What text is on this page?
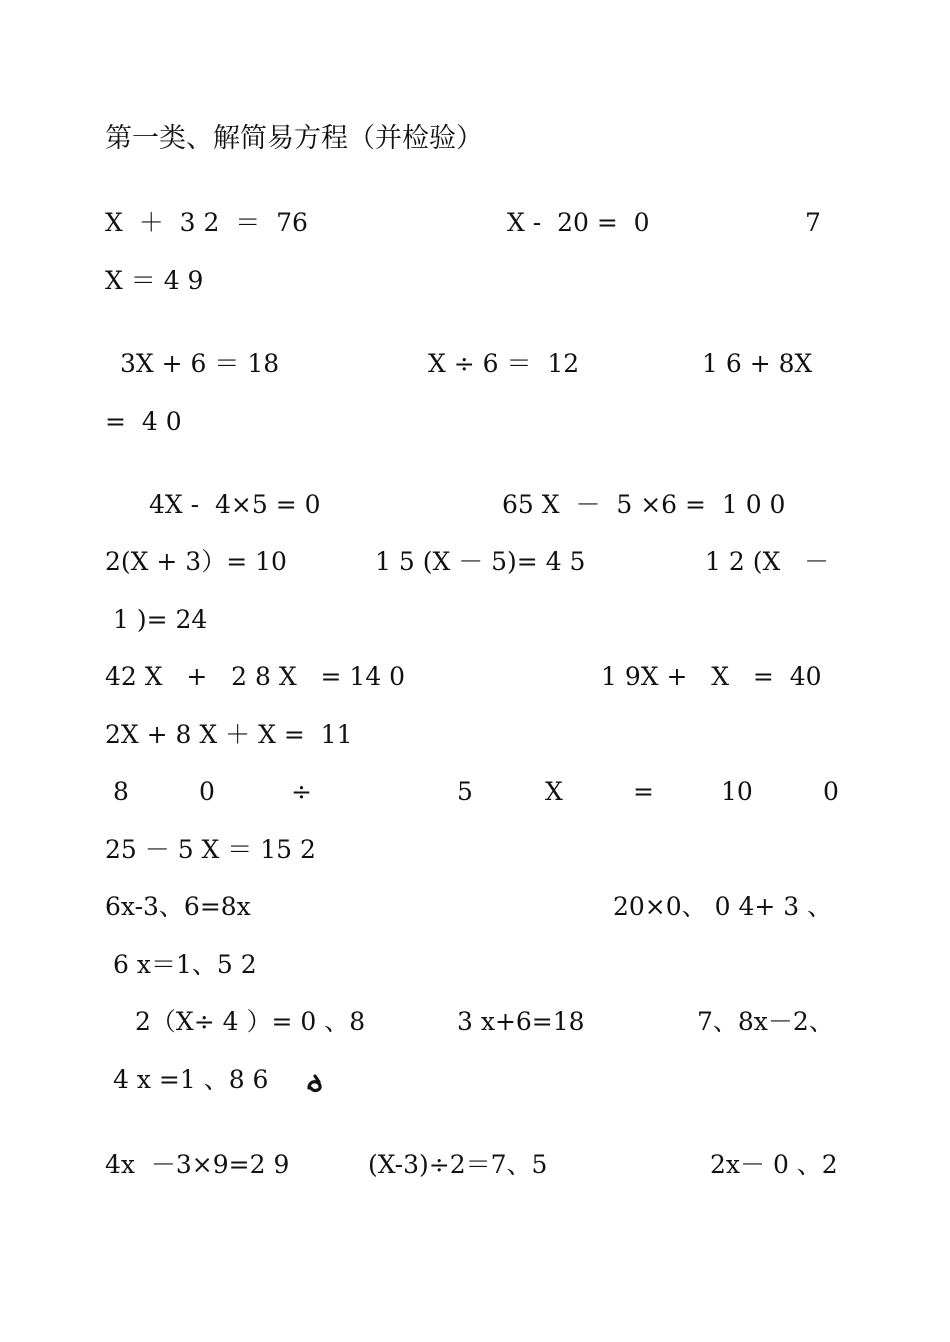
第一类、解简易方程（并检验）

X  ＋  3 2  ＝  76

	X -  20 =  0

	7

X ＝ 4 9

3X + 6 ＝ 18

	X ÷ 6 ＝  12

	1 6 + 8X

=  4 0

4X -  4×5 = 0

	65 X  －  5 ×6 =  1 0 0

2(X + 3）= 10

	1 5 (X － 5)= 4 5

	1 2 (X   －

1 )= 24

42 X   +   2 8 X   = 14 0

	1 9X +   X   =  40

2X + 8 X ＋ X =  11

8

	0

	÷

	5

	X

	=

	10

	0

25 － 5 X ＝ 15 2

6x-3、6=8x

	20×0、 0 4+ 3 、

6 x＝1、5 2

2（X÷ 4 ）= 0 、8

	3 x+6=18

	7、8x－2、

4 x =1 、8 6

4x  －3×9=2 9

	(X-3)÷2＝7、5

	2x－ 0 、2
